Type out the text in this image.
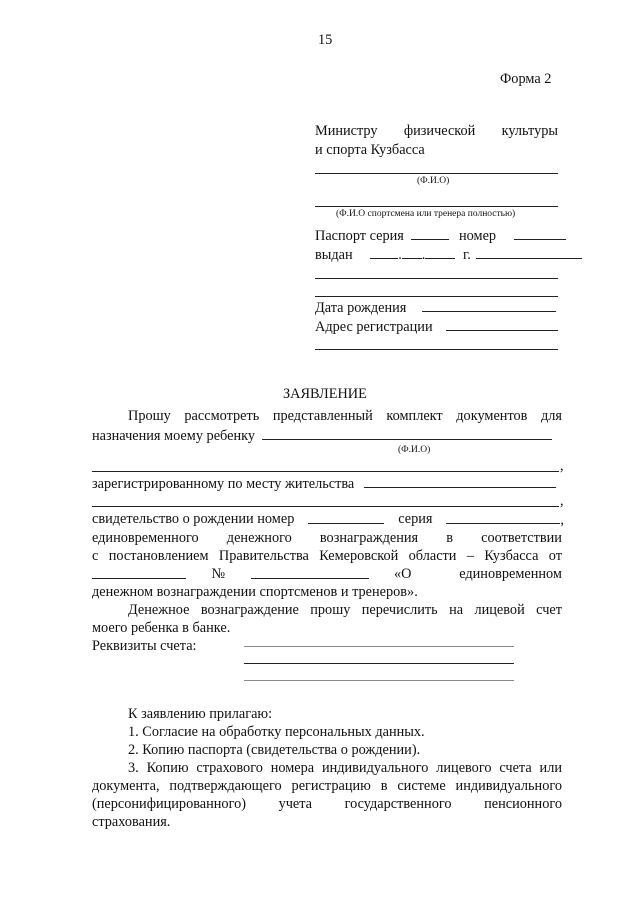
15
Форма 2
Министру физической культуры
и спорта Кузбасса
(Ф.И.О)
(Ф.И.О спортсмена или тренера полностью)
Паспорт серия	номер
выдан	. .	г.
Дата рождения
Адрес регистрации
ЗАЯВЛЕНИЕ
Прошу рассмотреть представленный комплект документов для
назначения моему ребенку
(Ф.И.О)
,
зарегистрированному по месту жительства
,
свидетельство о рождении номер	серия	,
единовременного денежного вознаграждения в соответствии
с постановлением Правительства Кемеровской области – Кузбасса от
№	«О единовременном
денежном вознаграждении спортсменов и тренеров».
Денежное вознаграждение прошу перечислить на лицевой счет
моего ребенка в банке.
Реквизиты счета:
К заявлению прилагаю:
1. Согласие на обработку персональных данных.
2. Копию паспорта (свидетельства о рождении).
3. Копию страхового номера индивидуального лицевого счета или
документа, подтверждающего регистрацию в системе индивидуального
(персонифицированного) учета государственного пенсионного
страхования.
